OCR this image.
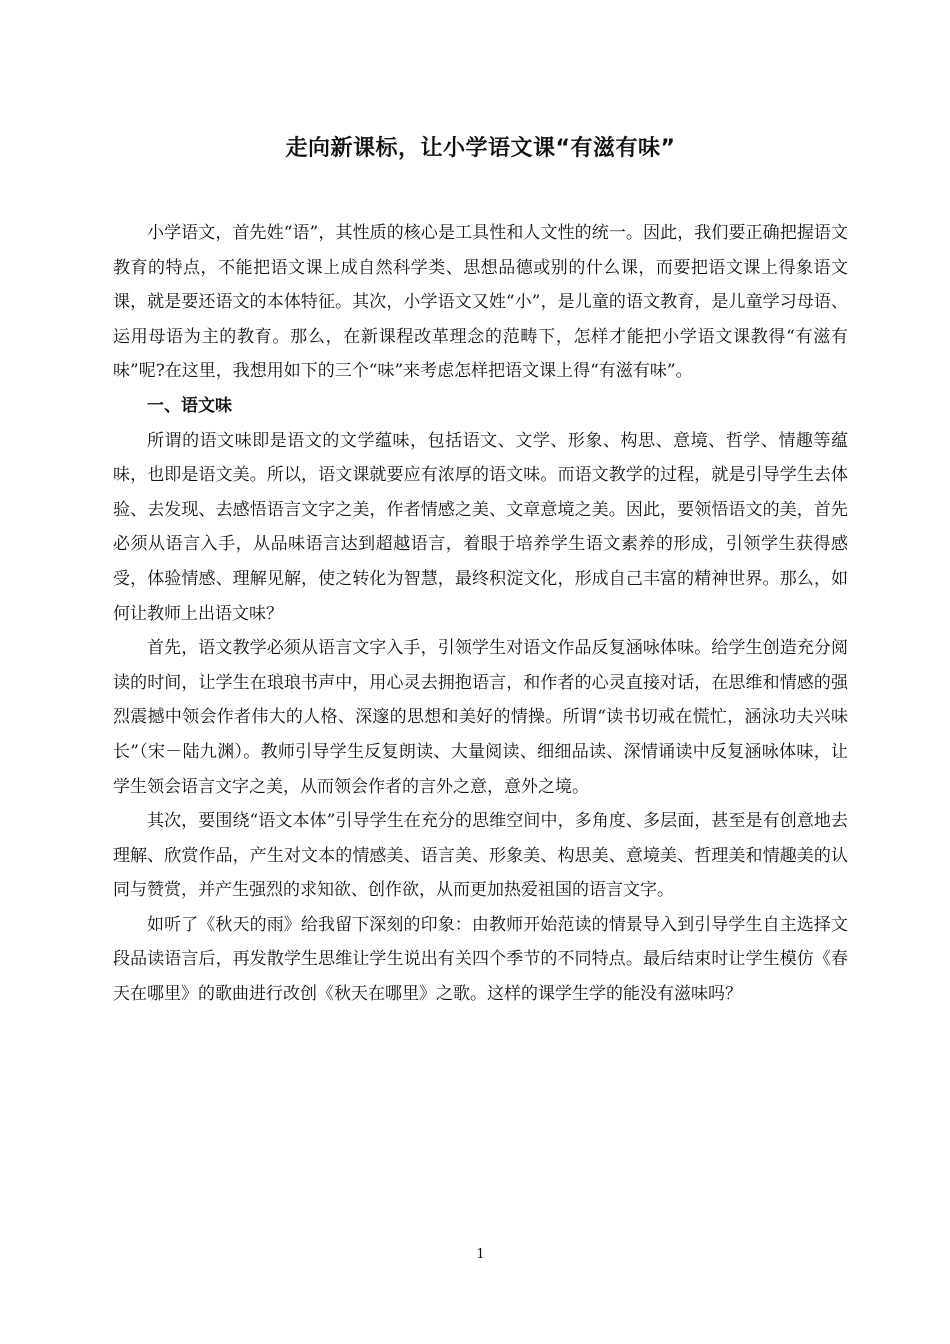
走向新课标，让小学语文课“有滋有味”

小学语文，首先姓“语”，其性质的核心是工具性和人文性的统一。因此，我们要正确把握语文教育的特点，不能把语文课上成自然科学类、思想品德或别的什么课，而要把语文课上得象语文课，就是要还语文的本体特征。其次，小学语文又姓“小”，是儿童的语文教育，是儿童学习母语、运用母语为主的教育。那么，在新课程改革理念的范畴下，怎样才能把小学语文课教得“有滋有味”呢?在这里，我想用如下的三个“味”来考虑怎样把语文课上得“有滋有味”。

一、语文味

所谓的语文味即是语文的文学蕴味，包括语文、文学、形象、构思、意境、哲学、情趣等蕴味，也即是语文美。所以，语文课就要应有浓厚的语文味。而语文教学的过程，就是引导学生去体验、去发现、去感悟语言文字之美，作者情感之美、文章意境之美。因此，要领悟语文的美，首先必须从语言入手，从品味语言达到超越语言，着眼于培养学生语文素养的形成，引领学生获得感受，体验情感、理解见解，使之转化为智慧，最终积淀文化，形成自己丰富的精神世界。那么，如何让教师上出语文味？

首先，语文教学必须从语言文字入手，引领学生对语文作品反复涵咏体味。给学生创造充分阅读的时间，让学生在琅琅书声中，用心灵去拥抱语言，和作者的心灵直接对话，在思维和情感的强烈震撼中领会作者伟大的人格、深邃的思想和美好的情操。所谓“读书切戒在慌忙，涵泳功夫兴味长”（宋－陆九渊）。教师引导学生反复朗读、大量阅读、细细品读、深情诵读中反复涵咏体味，让学生领会语言文字之美，从而领会作者的言外之意，意外之境。

其次，要围绕“语文本体”引导学生在充分的思维空间中，多角度、多层面，甚至是有创意地去理解、欣赏作品，产生对文本的情感美、语言美、形象美、构思美、意境美、哲理美和情趣美的认同与赞赏，并产生强烈的求知欲、创作欲，从而更加热爱祖国的语言文字。

如听了《秋天的雨》给我留下深刻的印象：由教师开始范读的情景导入到引导学生自主选择文段品读语言后，再发散学生思维让学生说出有关四个季节的不同特点。最后结束时让学生模仿《春天在哪里》的歌曲进行改创《秋天在哪里》之歌。这样的课学生学的能没有滋味吗？

1
